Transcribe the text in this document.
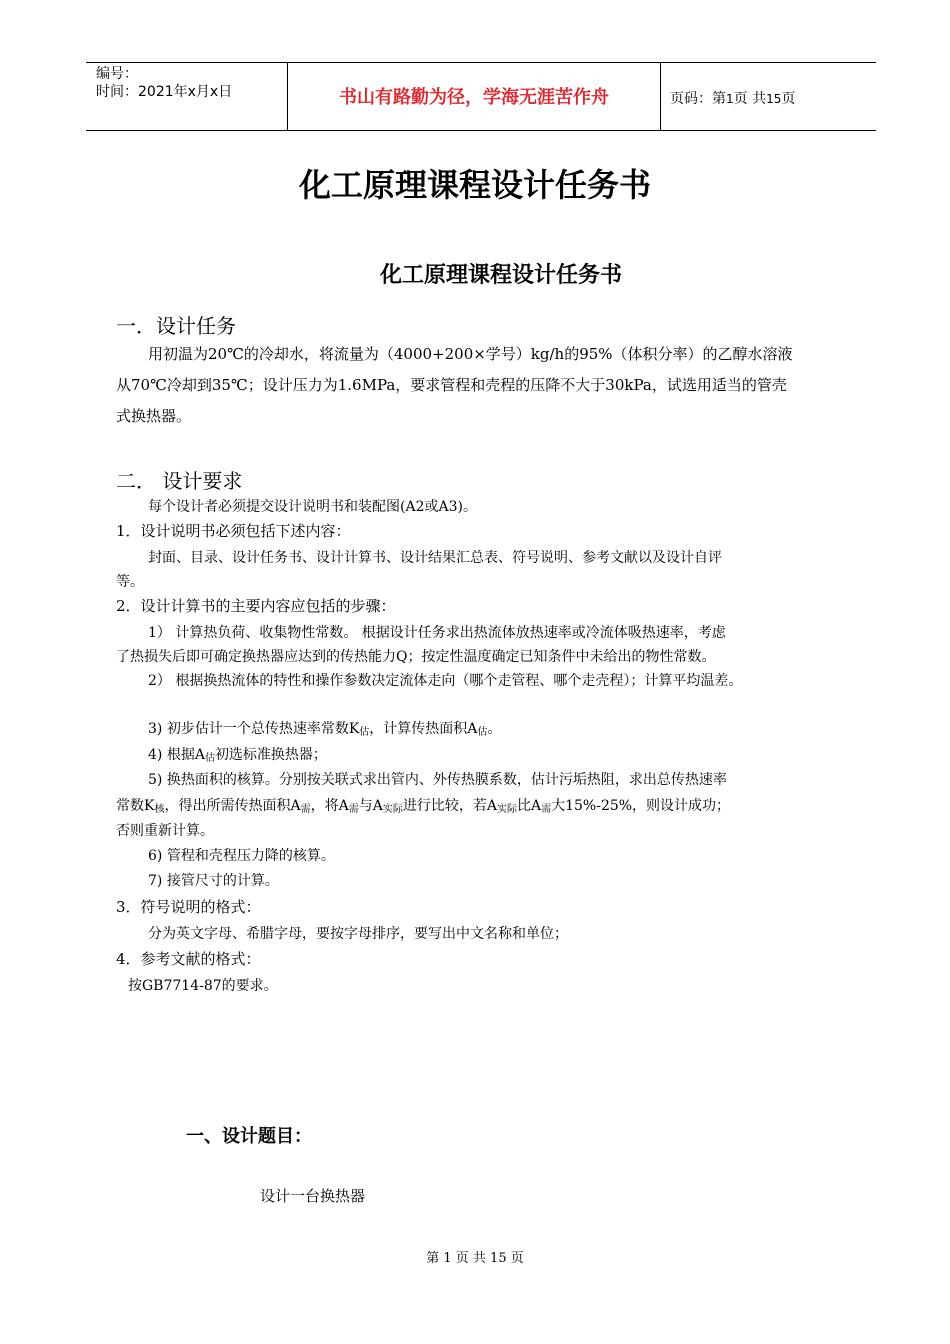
编号：
时间：2021年x月x日	书山有路勤为径，学海无涯苦作舟	页码：第1页 共15页
化工原理课程设计任务书
化工原理课程设计任务书
一．设计任务
用初温为20℃的冷却水，将流量为（4000+200×学号）kg/h的95%（体积分率）的乙醇水溶液
从70℃冷却到35℃；设计压力为1.6MPa，要求管程和壳程的压降不大于30kPa，试选用适当的管壳
式换热器。
二． 设计要求
每个设计者必须提交设计说明书和装配图(A2或A3)。
1．设计说明书必须包括下述内容：
封面、目录、设计任务书、设计计算书、设计结果汇总表、符号说明、参考文献以及设计自评
等。
2．设计计算书的主要内容应包括的步骤：
1） 计算热负荷、收集物性常数。 根据设计任务求出热流体放热速率或冷流体吸热速率，考虑
了热损失后即可确定换热器应达到的传热能力Q；按定性温度确定已知条件中未给出的物性常数。
2） 根据换热流体的特性和操作参数决定流体走向（哪个走管程、哪个走壳程）；计算平均温差。
3) 初步估计一个总传热速率常数$K_估$，计算传热面积$A_估$。
4) 根据$A_估$初选标准换热器；
5) 换热面积的核算。分别按关联式求出管内、外传热膜系数，估计污垢热阻，求出总传热速率
常数$K_核$，得出所需传热面积$A_需$，将$A_需$与$A_{实际}$进行比较，若$A_{实际}$比$A_需$大15%-25%，则设计成功；
否则重新计算。
6) 管程和壳程压力降的核算。
7) 接管尺寸的计算。
3．符号说明的格式：
分为英文字母、希腊字母，要按字母排序，要写出中文名称和单位；
4．参考文献的格式：
按GB7714-87的要求。
一、设计题目：
设计一台换热器
第 1 页 共 15 页
